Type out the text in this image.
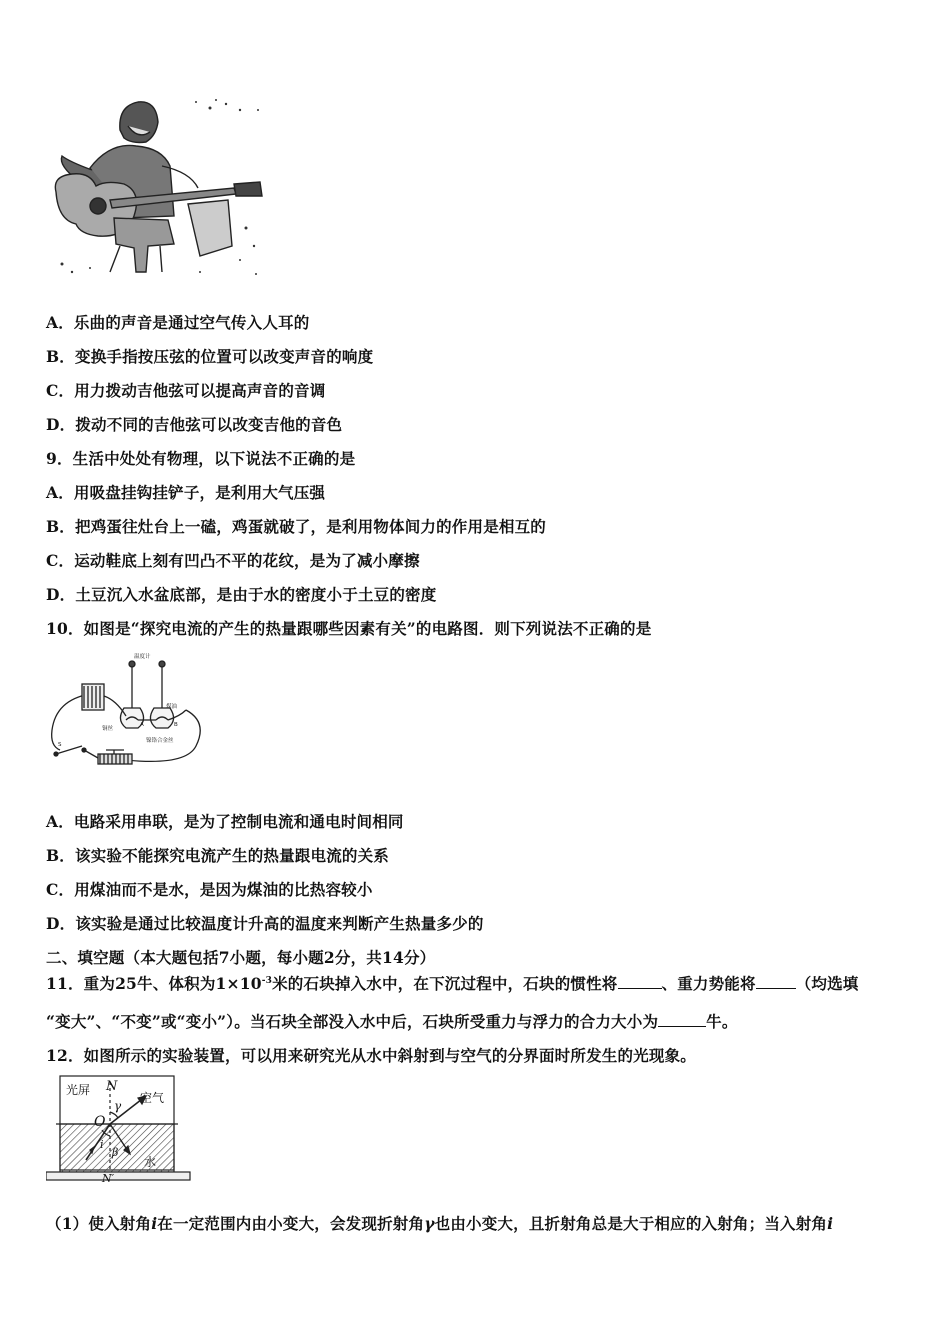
A．乐曲的声音是通过空气传入人耳的
B．变换手指按压弦的位置可以改变声音的响度
C．用力拨动吉他弦可以提高声音的音调
D．拨动不同的吉他弦可以改变吉他的音色
9．生活中处处有物理，以下说法不正确的是
A．用吸盘挂钩挂铲子，是利用大气压强
B．把鸡蛋往灶台上一磕，鸡蛋就破了，是利用物体间力的作用是相互的
C．运动鞋底上刻有凹凸不平的花纹，是为了减小摩擦
D．土豆沉入水盆底部，是由于水的密度小于土豆的密度
10．如图是“探究电流的产生的热量跟哪些因素有关”的电路图．则下列说法不正确的是
温度计
煤油
铜丝
镍铬合金丝
A	B
S
A．电路采用串联，是为了控制电流和通电时间相同
B．该实验不能探究电流产生的热量跟电流的关系
C．用煤油而不是水，是因为煤油的比热容较小
D．该实验是通过比较温度计升高的温度来判断产生热量多少的
二、填空题（本大题包括7小题，每小题2分，共14分）
11．重为25牛、体积为$1\times 10^{-3}$米的石块掉入水中，在下沉过程中，石块的惯性将	、重力势能将	（均选填
“变大”、“不变”或“变小”）。当石块全部没入水中后，石块所受重力与浮力的合力大小为	牛。
12．如图所示的实验装置，可以用来研究光从水中斜射到与空气的分界面时所发生的光现象。
光屏
空气
水
N
N′
O
γ
i
β
（1）使入射角i在一定范围内由小变大，会发现折射角γ也由小变大，且折射角总是大于相应的入射角；当入射角i
